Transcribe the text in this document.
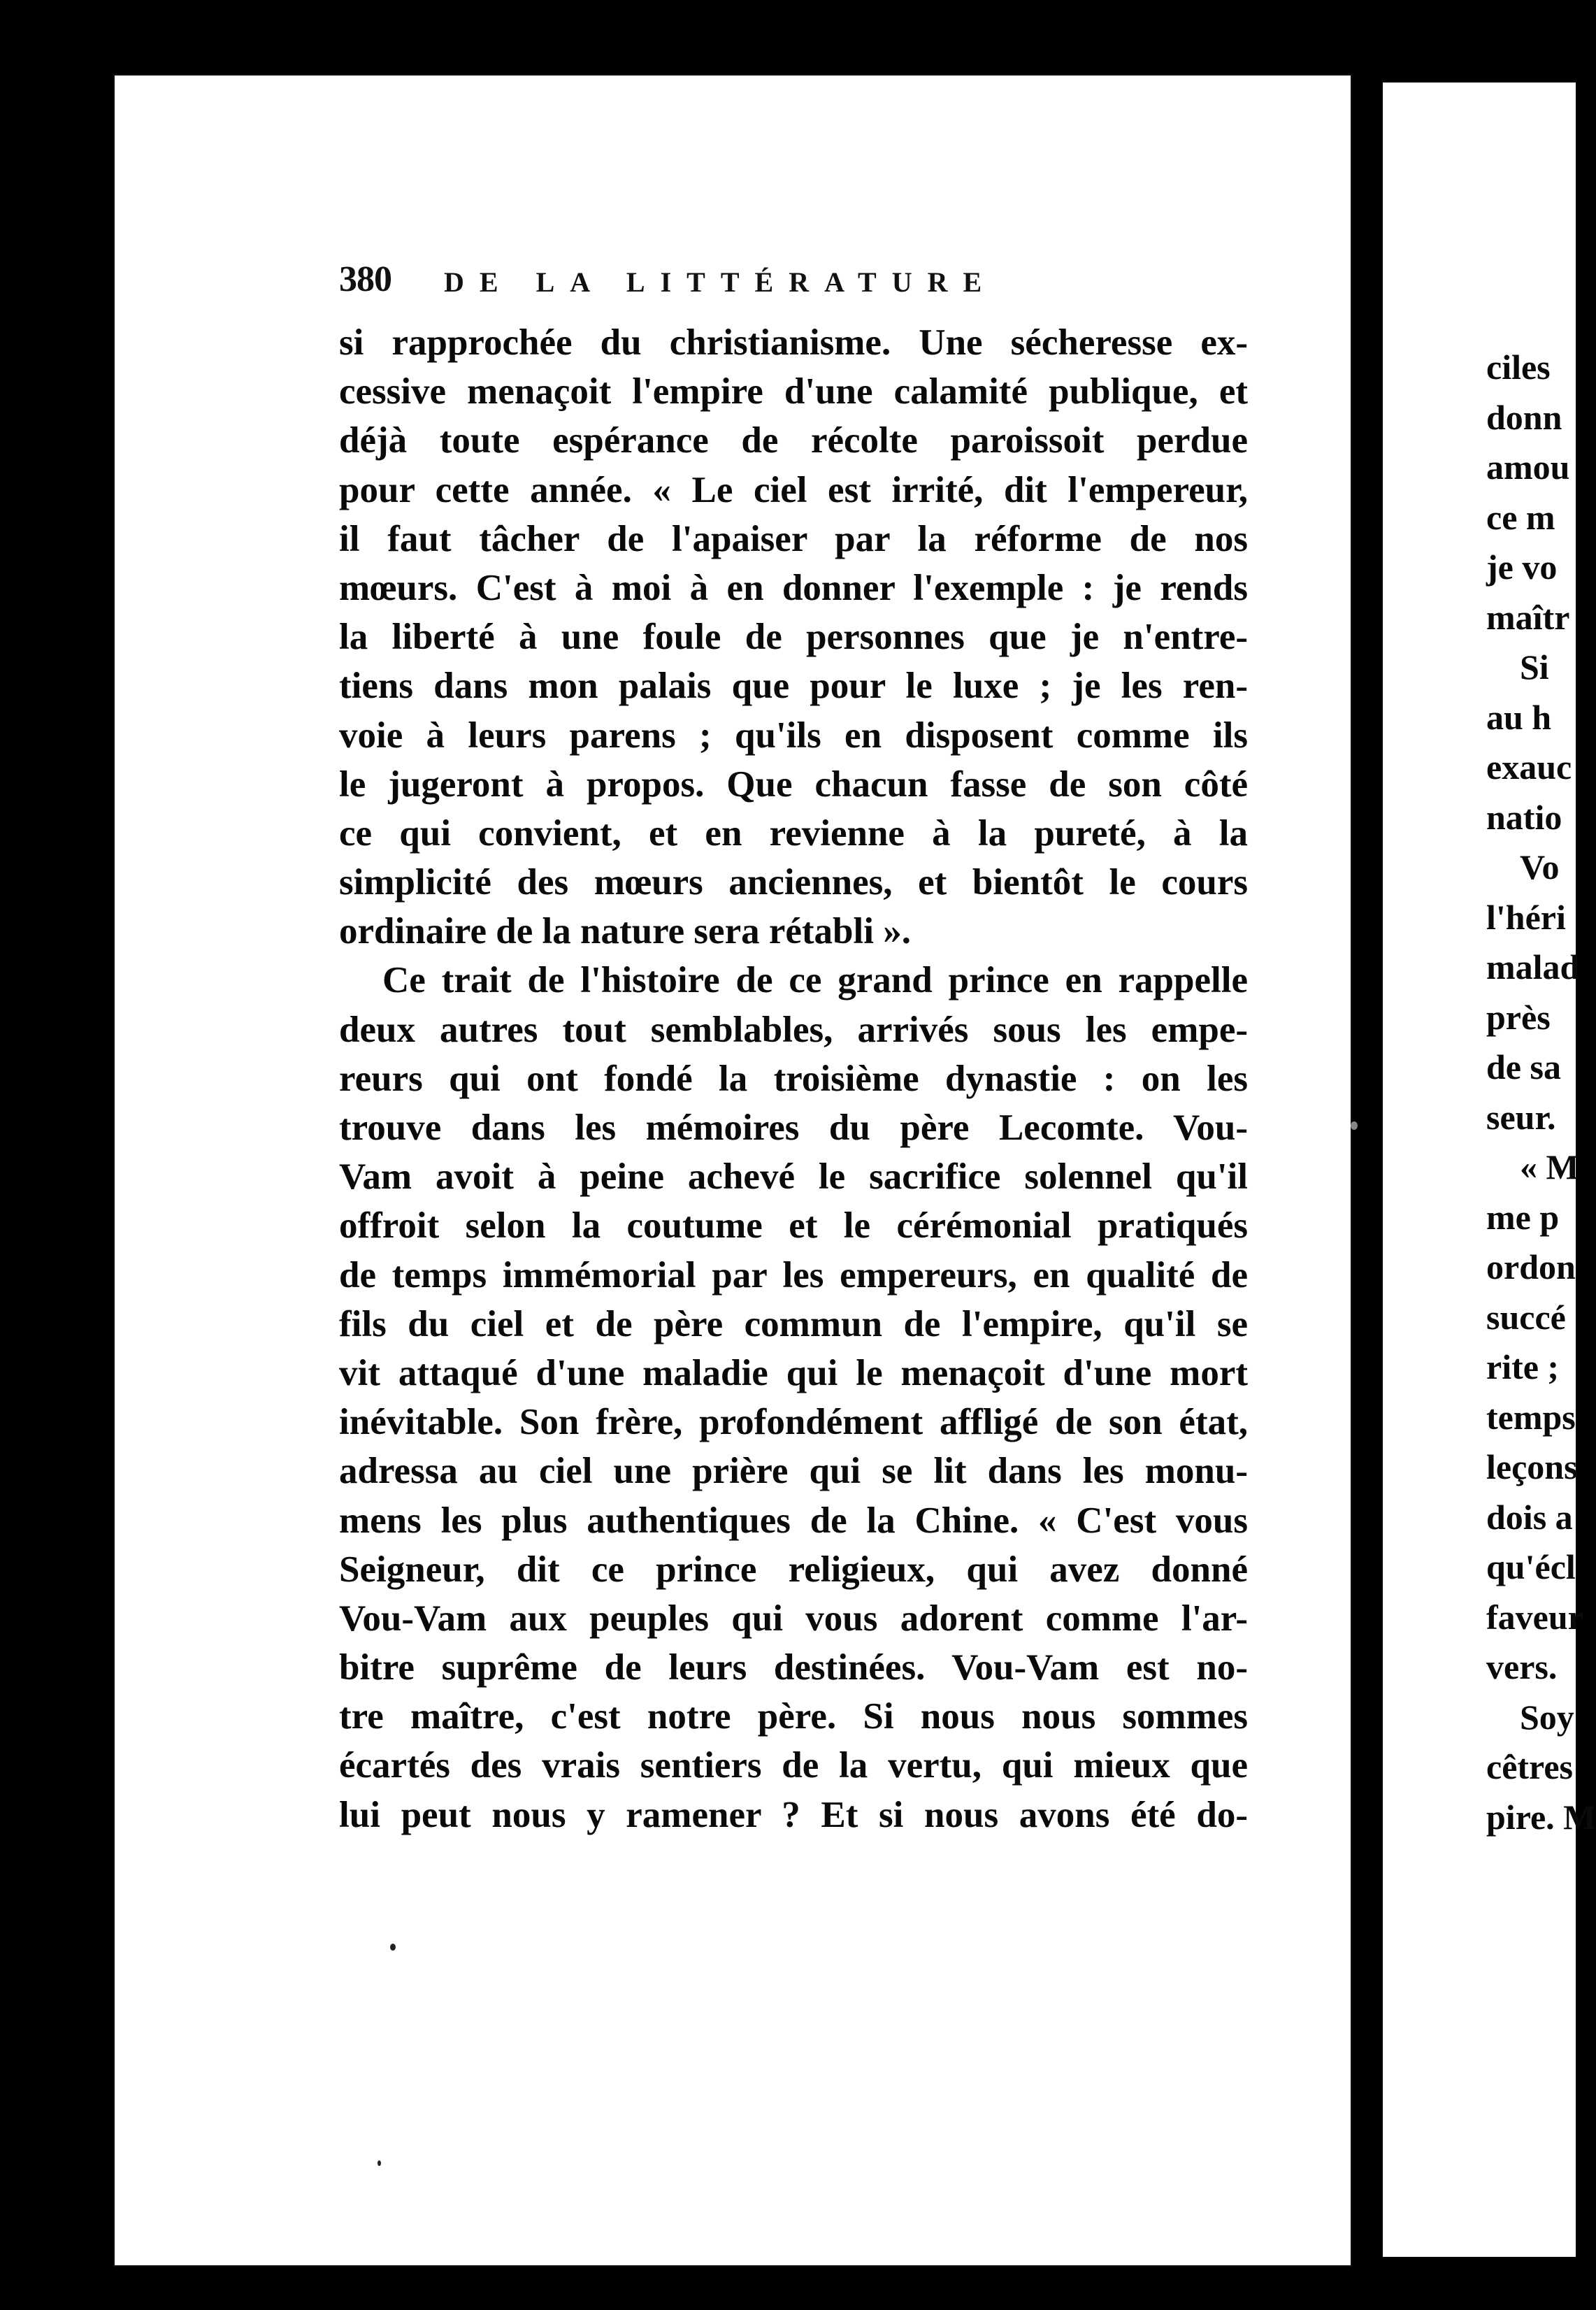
380 DE LA LITTÉRATURE
si rapprochée du christianisme. Une sécheresse ex-
cessive menaçoit l'empire d'une calamité publique, et
déjà toute espérance de récolte paroissoit perdue
pour cette année. « Le ciel est irrité, dit l'empereur,
il faut tâcher de l'apaiser par la réforme de nos
mœurs. C'est à moi à en donner l'exemple : je rends
la liberté à une foule de personnes que je n'entre-
tiens dans mon palais que pour le luxe ; je les ren-
voie à leurs parens ; qu'ils en disposent comme ils
le jugeront à propos. Que chacun fasse de son côté
ce qui convient, et en revienne à la pureté, à la
simplicité des mœurs anciennes, et bientôt le cours
ordinaire de la nature sera rétabli ».
Ce trait de l'histoire de ce grand prince en rappelle
deux autres tout semblables, arrivés sous les empe-
reurs qui ont fondé la troisième dynastie : on les
trouve dans les mémoires du père Lecomte. Vou-
Vam avoit à peine achevé le sacrifice solennel qu'il
offroit selon la coutume et le cérémonial pratiqués
de temps immémorial par les empereurs, en qualité de
fils du ciel et de père commun de l'empire, qu'il se
vit attaqué d'une maladie qui le menaçoit d'une mort
inévitable. Son frère, profondément affligé de son état,
adressa au ciel une prière qui se lit dans les monu-
mens les plus authentiques de la Chine. « C'est vous
Seigneur, dit ce prince religieux, qui avez donné
Vou-Vam aux peuples qui vous adorent comme l'ar-
bitre suprême de leurs destinées. Vou-Vam est no-
tre maître, c'est notre père. Si nous nous sommes
écartés des vrais sentiers de la vertu, qui mieux que
lui peut nous y ramener ? Et si nous avons été do-
ciles
donn
amou
ce m
je vo
maîtr
Si
au h
exauc
natio
Vo
l'héri
malad
près
de sa
seur.
« M
me p
ordon
succé
rite ;
temps
leçons
dois a
qu'écl
faveur
vers.
Soy
cêtres
pire. M
